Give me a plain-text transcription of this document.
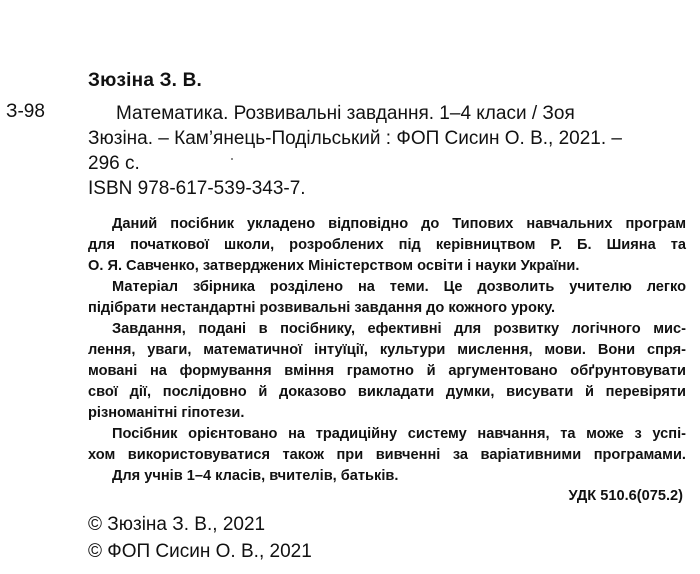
Зюзіна З. В.
З-98	Математика. Розвивальні завдання. 1–4 класи / Зоя
Зюзіна. – Кам’янець-Подільський : ФОП Сисин О. В., 2021. –
296 с.
ISBN 978-617-539-343-7.
Даний посібник укладено відповідно до Типових навчальних програм
для початкової школи, розроблених під керівництвом Р. Б. Шияна та
О. Я. Савченко, затверджених Міністерством освіти і науки України.
Матеріал збірника розділено на теми. Це дозволить учителю легко
підібрати нестандартні розвивальні завдання до кожного уроку.
Завдання, подані в посібнику, ефективні для розвитку логічного мис-
лення, уваги, математичної інтуїції, культури мислення, мови. Вони спря-
мовані на формування вміння грамотно й аргументовано обґрунтовувати
свої дії, послідовно й доказово викладати думки, висувати й перевіряти
різноманітні гіпотези.
Посібник орієнтовано на традиційну систему навчання, та може з успі-
хом використовуватися також при вивченні за варіативними програмами.
Для учнів 1–4 класів, вчителів, батьків.
УДК 510.6(075.2)
© Зюзіна З. В., 2021
© ФОП Сисин О. В., 2021
